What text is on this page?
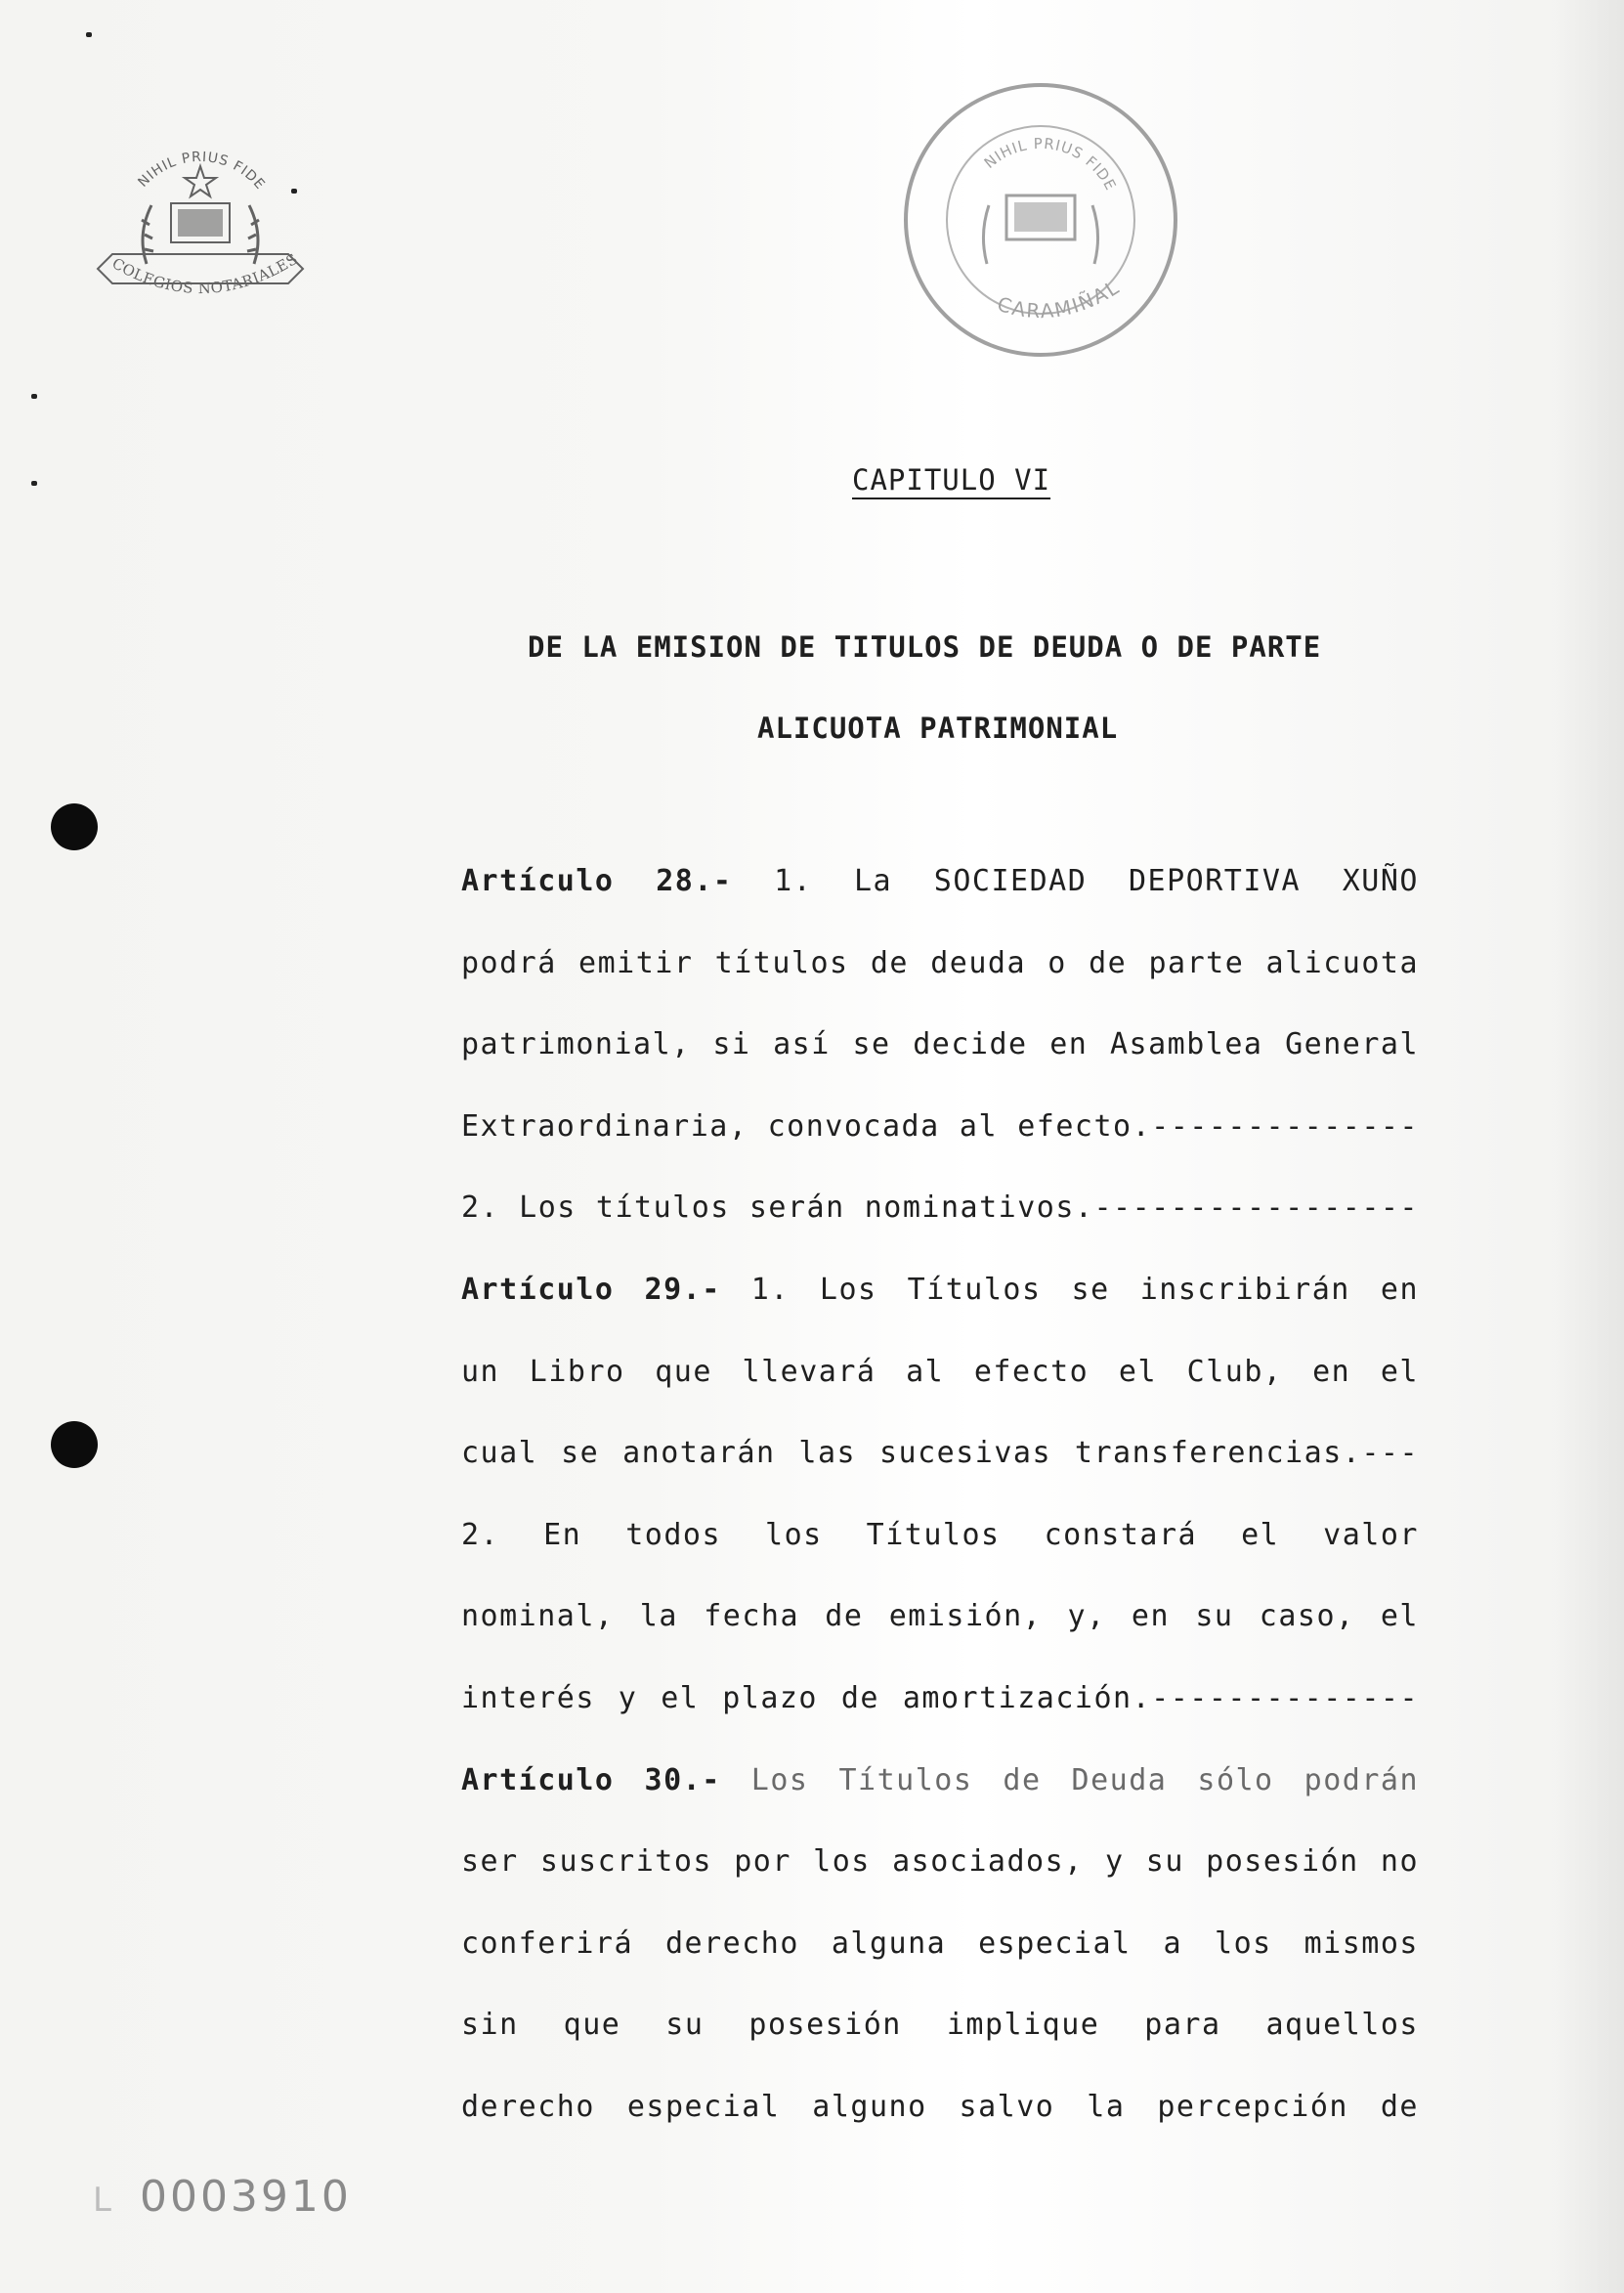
NIHIL PRIUS FIDE
COLEGIOS NOTARIALES
NIHIL PRIUS FIDE
CARAMIÑAL
CAPITULO VI
DE LA EMISION DE TITULOS DE DEUDA O DE PARTE
ALICUOTA PATRIMONIAL
Artículo 28.- 1. La SOCIEDAD DEPORTIVA XUÑO
podrá emitir títulos de deuda o de parte alicuota
patrimonial, si así se decide en Asamblea General
Extraordinaria, convocada al efecto.--------------
2. Los títulos serán nominativos.-----------------
Artículo 29.- 1. Los Títulos se inscribirán en
un Libro que llevará al efecto el Club, en el
cual se anotarán las sucesivas transferencias.---
2. En todos los Títulos constará el valor
nominal, la fecha de emisión, y, en su caso, el
interés y el plazo de amortización.--------------
Artículo 30.- Los Títulos de Deuda sólo podrán
ser suscritos por los asociados, y su posesión no
conferirá derecho alguna especial a los mismos
sin que su posesión implique para aquellos
derecho especial alguno salvo la percepción de
L 0003910
